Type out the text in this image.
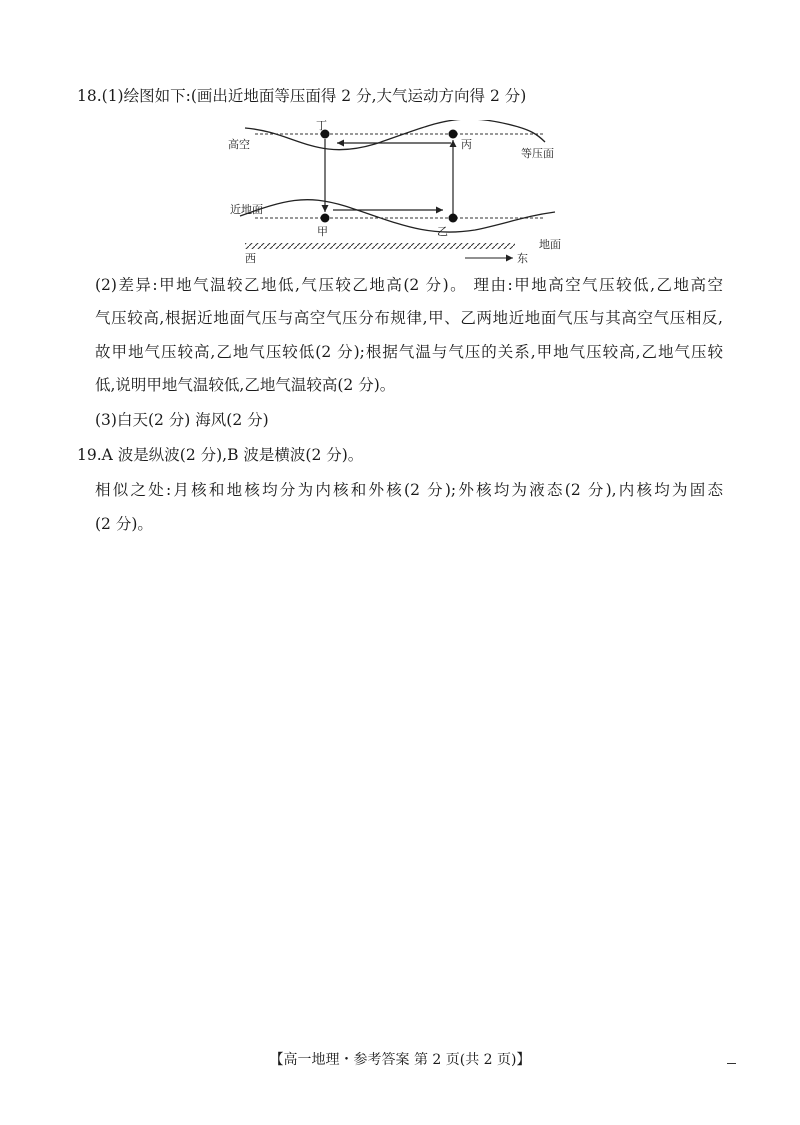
18.(1)绘图如下:(画出近地面等压面得 2 分,大气运动方向得 2 分)
高空
近地面
等压面
地面
西	东
丁
丙
甲	乙
(2)差异:甲地气温较乙地低,气压较乙地高(2 分)。 理由:甲地高空气压较低,乙地高空
气压较高,根据近地面气压与高空气压分布规律,甲、乙两地近地面气压与其高空气压相反,
故甲地气压较高,乙地气压较低(2 分);根据气温与气压的关系,甲地气压较高,乙地气压较
低,说明甲地气温较低,乙地气温较高(2 分)。
(3)白天(2 分) 海风(2 分)
19.A 波是纵波(2 分),B 波是横波(2 分)。
相似之处:月核和地核均分为内核和外核(2 分);外核均为液态(2 分),内核均为固态
(2 分)。
【高一地理・参考答案 第 2 页(共 2 页)】
